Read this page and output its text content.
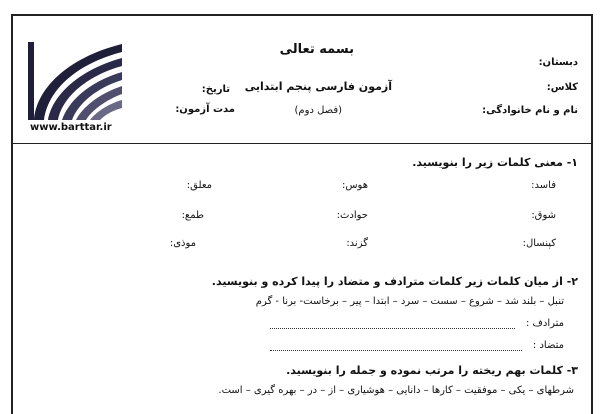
www.barttar.ir
بسمه تعالی
دبستان:
کلاس:
نام و نام خانوادگی:
آزمون فارسی پنجم ابتدایی
(فصل دوم)
تاریخ:
مدت آزمون:
۱- معنی کلمات زیر را بنویسید.
فاسد:
هوس:
معلق:
شوق:
حوادث:
طمع:
کپنسال:
گزند:
موذی:
۲- از میان کلمات زیر کلمات مترادف و متضاد را پیدا کرده و بنویسید.
تنبل – بلند شد – شروع – سست – سرد – ابتدا – پیر – برخاست- برنا - گرم
مترادف :
متضاد :
۳- کلمات بهم ریخته را مرتب نموده و جمله را بنویسید.
شرطهای – یکی – موفقیت – کارها – دانایی – هوشیاری – از – در – بهره گیری – است.
